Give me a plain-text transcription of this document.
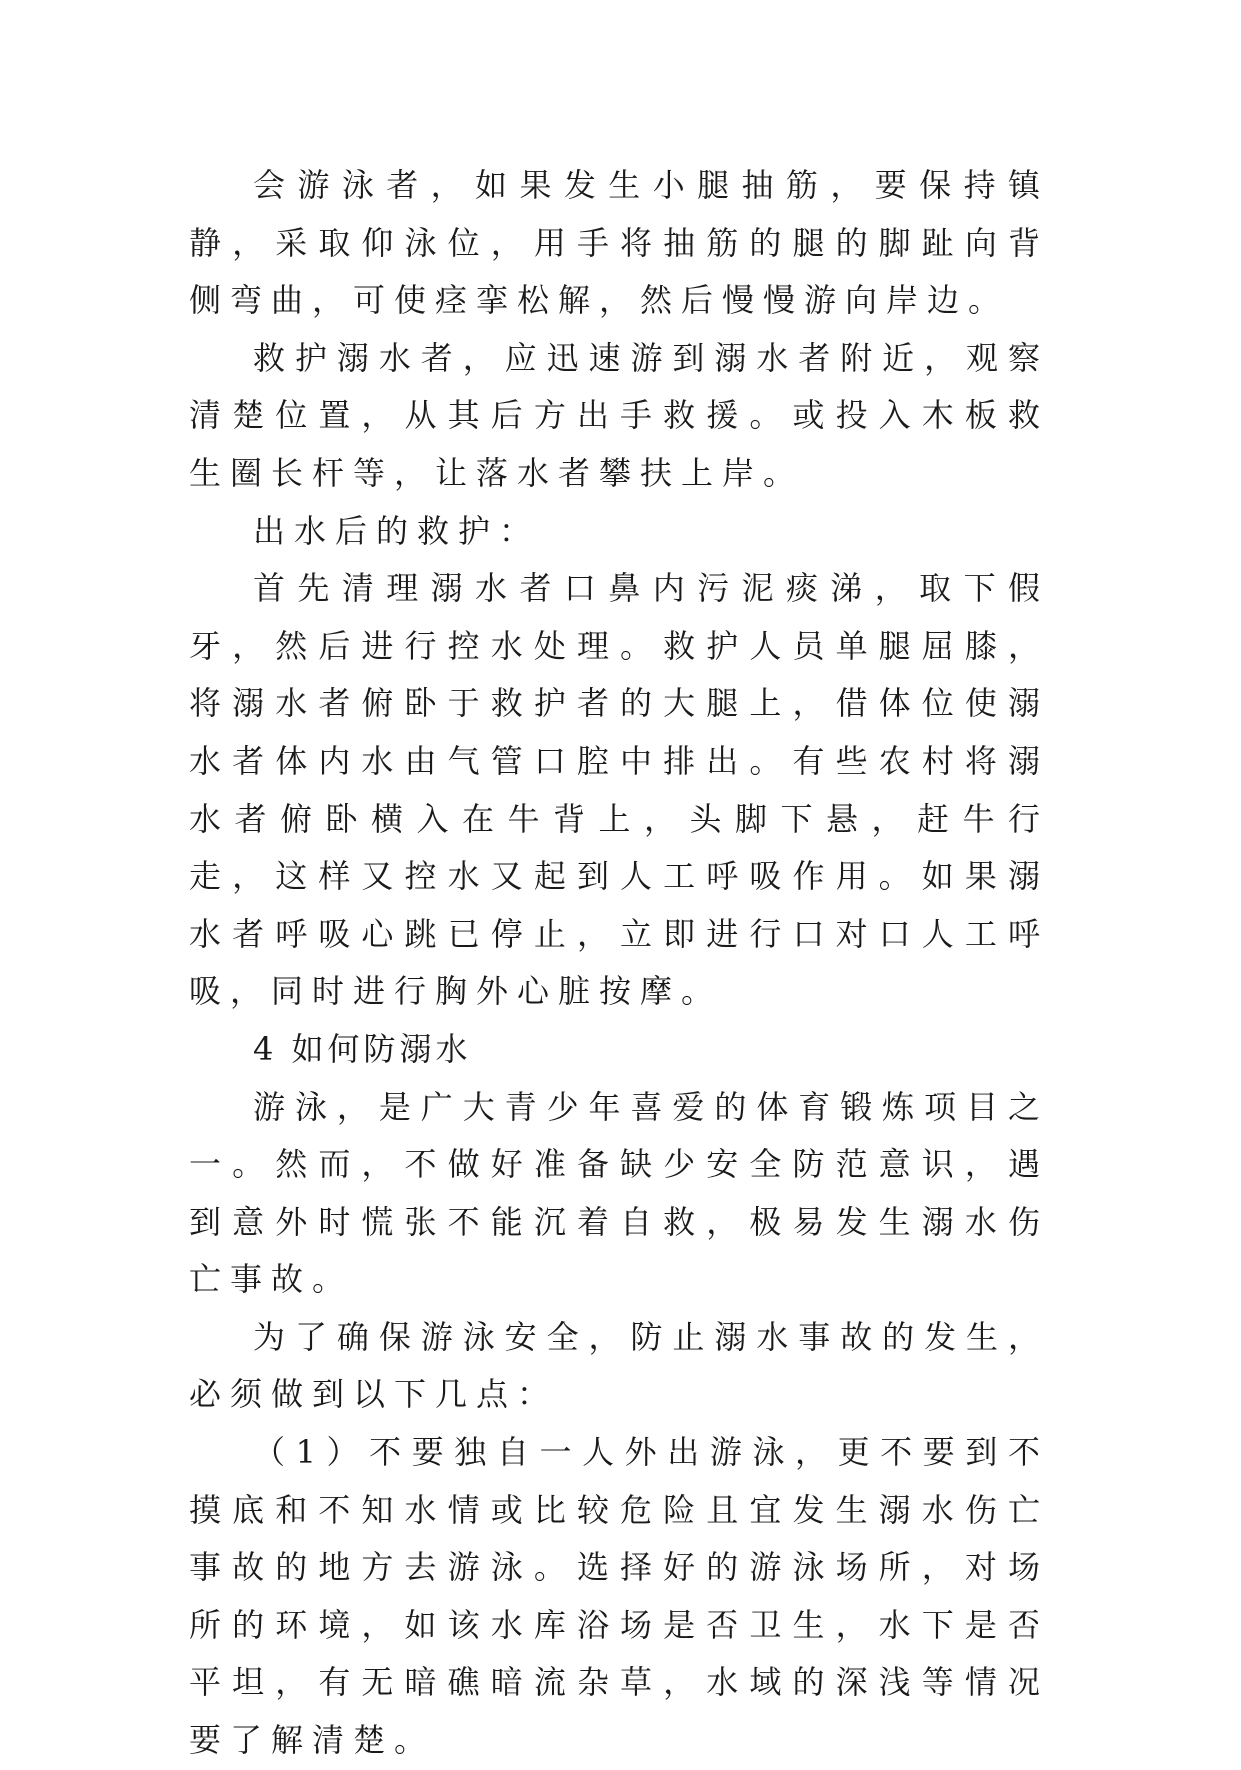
会游泳者，如果发生小腿抽筋，要保持镇静，采取仰泳位，用手将抽筋的腿的脚趾向背侧弯曲，可使痉挛松解，然后慢慢游向岸边。

救护溺水者，应迅速游到溺水者附近，观察清楚位置，从其后方出手救援。或投入木板救生圈长杆等，让落水者攀扶上岸。

出水后的救护：

首先清理溺水者口鼻内污泥痰涕，取下假牙，然后进行控水处理。救护人员单腿屈膝，将溺水者俯卧于救护者的大腿上，借体位使溺水者体内水由气管口腔中排出。有些农村将溺水者俯卧横入在牛背上，头脚下悬，赶牛行走，这样又控水又起到人工呼吸作用。如果溺水者呼吸心跳已停止，立即进行口对口人工呼吸，同时进行胸外心脏按摩。

4 如何防溺水

游泳，是广大青少年喜爱的体育锻炼项目之一。然而，不做好准备缺少安全防范意识，遇到意外时慌张不能沉着自救，极易发生溺水伤亡事故。

为了确保游泳安全，防止溺水事故的发生，必须做到以下几点：

（1）不要独自一人外出游泳，更不要到不摸底和不知水情或比较危险且宜发生溺水伤亡事故的地方去游泳。选择好的游泳场所，对场所的环境，如该水库浴场是否卫生，水下是否平坦，有无暗礁暗流杂草，水域的深浅等情况要了解清楚。
